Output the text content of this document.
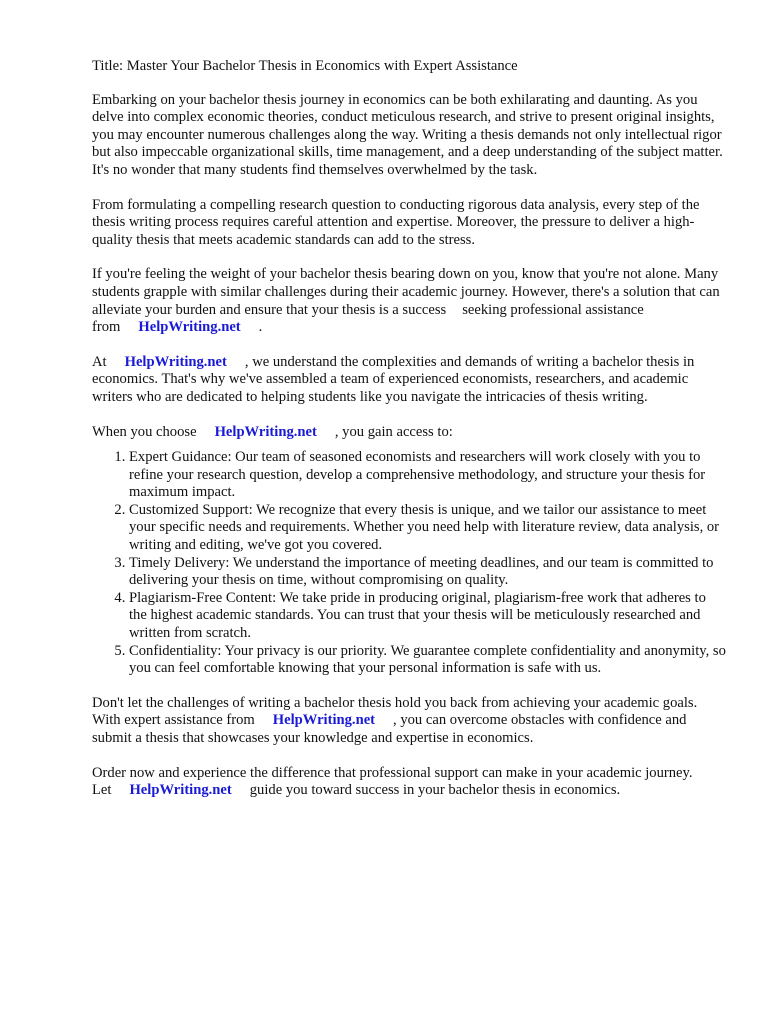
Title: Master Your Bachelor Thesis in Economics with Expert Assistance

Embarking on your bachelor thesis journey in economics can be both exhilarating and daunting. As you delve into complex economic theories, conduct meticulous research, and strive to present original insights, you may encounter numerous challenges along the way. Writing a thesis demands not only intellectual rigor but also impeccable organizational skills, time management, and a deep understanding of the subject matter. It's no wonder that many students find themselves overwhelmed by the task.

From formulating a compelling research question to conducting rigorous data analysis, every step of the thesis writing process requires careful attention and expertise. Moreover, the pressure to deliver a high-quality thesis that meets academic standards can add to the stress.

If you're feeling the weight of your bachelor thesis bearing down on you, know that you're not alone. Many students grapple with similar challenges during their academic journey. However, there's a solution that can alleviate your burden and ensure that your thesis is a success seeking professional assistance from HelpWriting.net .

At HelpWriting.net , we understand the complexities and demands of writing a bachelor thesis in economics. That's why we've assembled a team of experienced economists, researchers, and academic writers who are dedicated to helping students like you navigate the intricacies of thesis writing.

When you choose HelpWriting.net , you gain access to:

1. Expert Guidance: Our team of seasoned economists and researchers will work closely with you to refine your research question, develop a comprehensive methodology, and structure your thesis for maximum impact.
2. Customized Support: We recognize that every thesis is unique, and we tailor our assistance to meet your specific needs and requirements. Whether you need help with literature review, data analysis, or writing and editing, we've got you covered.
3. Timely Delivery: We understand the importance of meeting deadlines, and our team is committed to delivering your thesis on time, without compromising on quality.
4. Plagiarism-Free Content: We take pride in producing original, plagiarism-free work that adheres to the highest academic standards. You can trust that your thesis will be meticulously researched and written from scratch.
5. Confidentiality: Your privacy is our priority. We guarantee complete confidentiality and anonymity, so you can feel comfortable knowing that your personal information is safe with us.

Don't let the challenges of writing a bachelor thesis hold you back from achieving your academic goals. With expert assistance from HelpWriting.net , you can overcome obstacles with confidence and submit a thesis that showcases your knowledge and expertise in economics.

Order now and experience the difference that professional support can make in your academic journey. Let HelpWriting.net guide you toward success in your bachelor thesis in economics.
